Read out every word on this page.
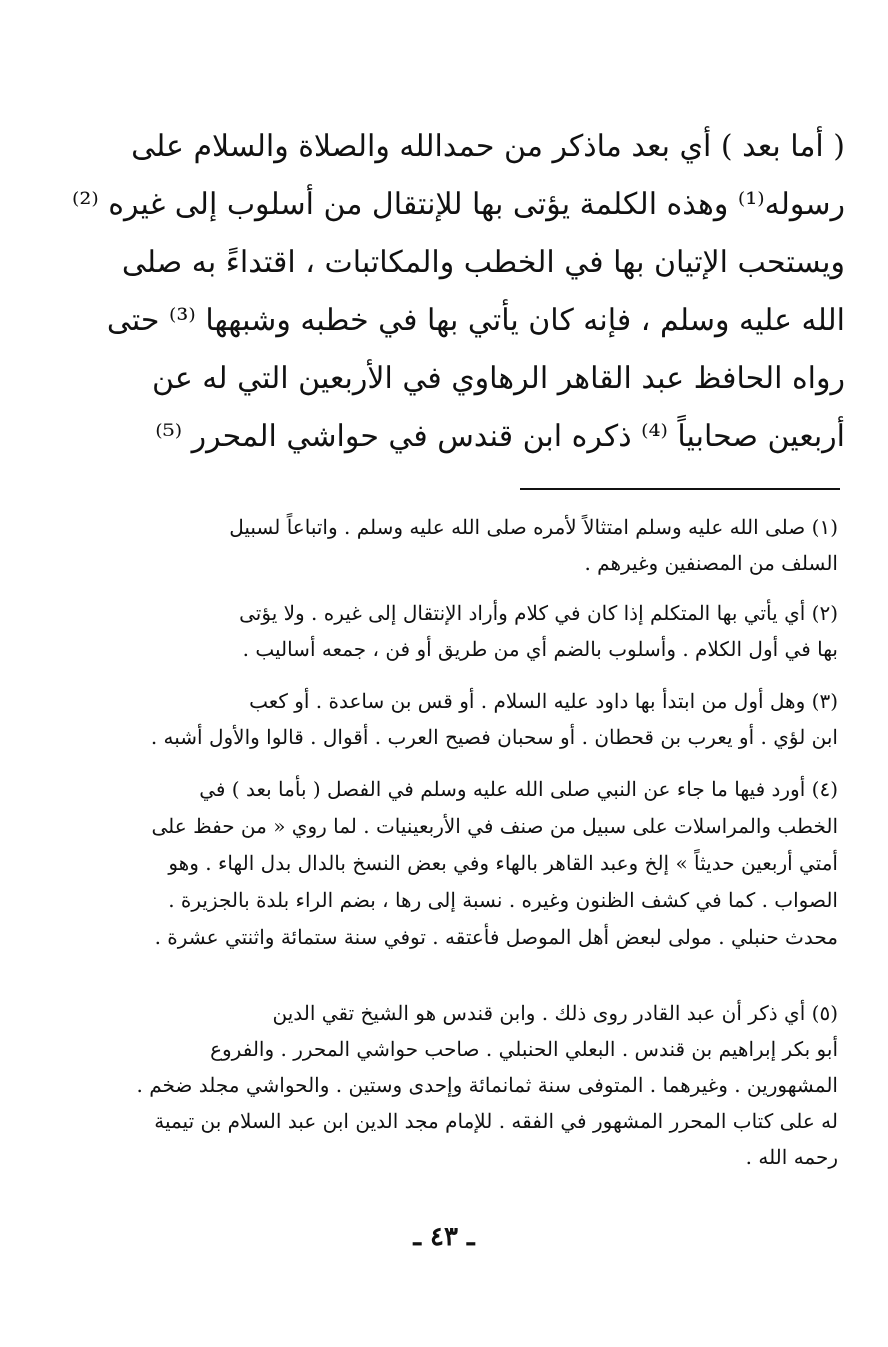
( أما بعد ) أي بعد ماذكر من حمدالله والصلاة والسلام على
رسوله⁽¹⁾ وهذه الكلمة يؤتى بها للإنتقال من أسلوب إلى غيره ⁽²⁾
ويستحب الإتيان بها في الخطب والمكاتبات ، اقتداءً به صلى
الله عليه وسلم ، فإنه كان يأتي بها في خطبه وشبهها ⁽³⁾ حتى
رواه الحافظ عبد القاهر الرهاوي في الأربعين التي له عن
أربعين صحابياً ⁽⁴⁾ ذكره ابن قندس في حواشي المحرر ⁽⁵⁾
(١) صلى الله عليه وسلم امتثالاً لأمره صلى الله عليه وسلم . واتباعاً لسبيل
السلف من المصنفين وغيرهم .
(٢) أي يأتي بها المتكلم إذا كان في كلام وأراد الإنتقال إلى غيره . ولا يؤتى
بها في أول الكلام . وأسلوب بالضم أي من طريق أو فن ، جمعه أساليب .
(٣) وهل أول من ابتدأ بها داود عليه السلام . أو قس بن ساعدة . أو كعب
ابن لؤي . أو يعرب بن قحطان . أو سحبان فصيح العرب . أقوال . قالوا والأول أشبه .
(٤) أورد فيها ما جاء عن النبي صلى الله عليه وسلم في الفصل ( بأما بعد ) في
الخطب والمراسلات على سبيل من صنف في الأربعينيات . لما روي « من حفظ على
أمتي أربعين حديثاً » إلخ وعبد القاهر بالهاء وفي بعض النسخ بالدال بدل الهاء . وهو
الصواب . كما في كشف الظنون وغيره . نسبة إلى رها ، بضم الراء بلدة بالجزيرة .
محدث حنبلي . مولى لبعض أهل الموصل فأعتقه . توفي سنة ستمائة واثنتي عشرة .
(٥) أي ذكر أن عبد القادر روى ذلك . وابن قندس هو الشيخ تقي الدين
أبو بكر إبراهيم بن قندس . البعلي الحنبلي . صاحب حواشي المحرر . والفروع
المشهورين . وغيرهما . المتوفى سنة ثمانمائة وإحدى وستين . والحواشي مجلد ضخم .
له على كتاب المحرر المشهور في الفقه . للإمام مجد الدين ابن عبد السلام بن تيمية
رحمه الله .
ـ ٤٣ ـ
